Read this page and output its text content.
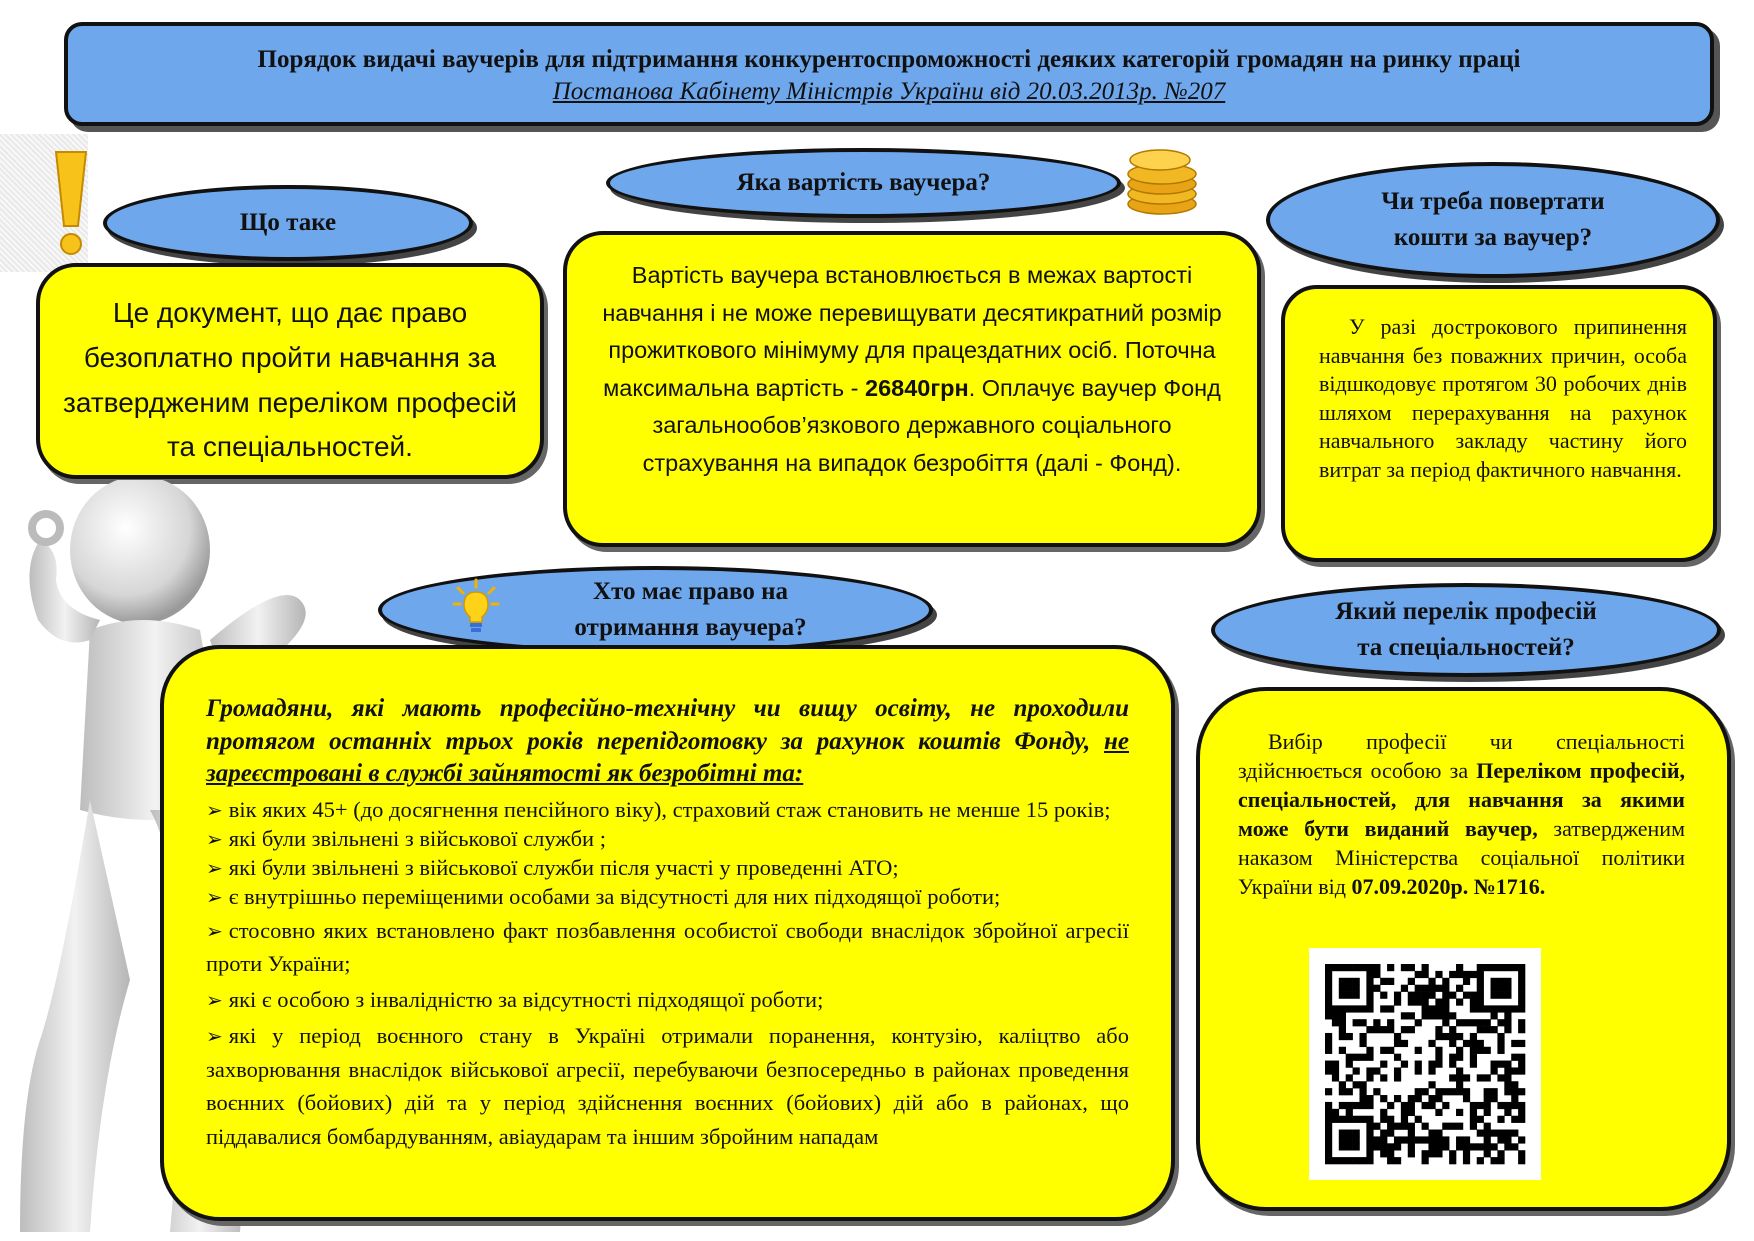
Порядок видачі ваучерів для підтримання конкурентоспроможності деяких категорій громадян на ринку праці
Постанова Кабінету Міністрів України від 20.03.2013р. №207
Що таке
Це документ, що дає право безоплатно пройти навчання за затвердженим переліком професій та спеціальностей.
Яка вартість ваучера?
Вартість ваучера встановлюється в межах вартості навчання і не може перевищувати десятикратний розмір прожиткового мінімуму для працездатних осіб. Поточна максимальна вартість - 26840грн. Оплачує ваучер Фонд загальнообов’язкового державного соціального страхування на випадок безробіття (далі - Фонд).
Чи треба повертати
кошти за ваучер?
У разі дострокового припинення навчання без поважних причин, особа відшкодовує протягом 30 робочих днів шляхом перерахування на рахунок навчального закладу частину його витрат за період фактичного навчання.
Хто має право на
отримання ваучера?
Громадяни, які мають професійно-технічну чи вищу освіту, не проходили протягом останніх трьох років перепідготовку за рахунок коштів Фонду, не зареєстровані в службі зайнятості як безробітні та:
➢ вік яких 45+ (до досягнення пенсійного віку), страховий стаж становить не менше 15 років;
➢ які були звільнені з військової служби ;
➢ які були звільнені з військової служби після участі у проведенні АТО;
➢ є внутрішньо переміщеними особами за відсутності для них підходящої роботи;
➢ стосовно яких встановлено факт позбавлення особистої свободи внаслідок збройної агресії проти України;
➢ які є особою з інвалідністю за відсутності підходящої роботи;
➢ які у період воєнного стану в Україні отримали поранення, контузію, каліцтво або захворювання внаслідок військової агресії, перебуваючи безпосередньо в районах проведення воєнних (бойових) дій та у період здійснення воєнних (бойових) дій або в районах, що піддавалися бомбардуванням, авіаударам та іншим збройним нападам
Який перелік професій
та спеціальностей?
Вибір професії чи спеціальності здійснюється особою за Переліком професій, спеціальностей, для навчання за якими може бути виданий ваучер, затвердженим наказом Міністерства соціальної політики України від 07.09.2020р. №1716.
